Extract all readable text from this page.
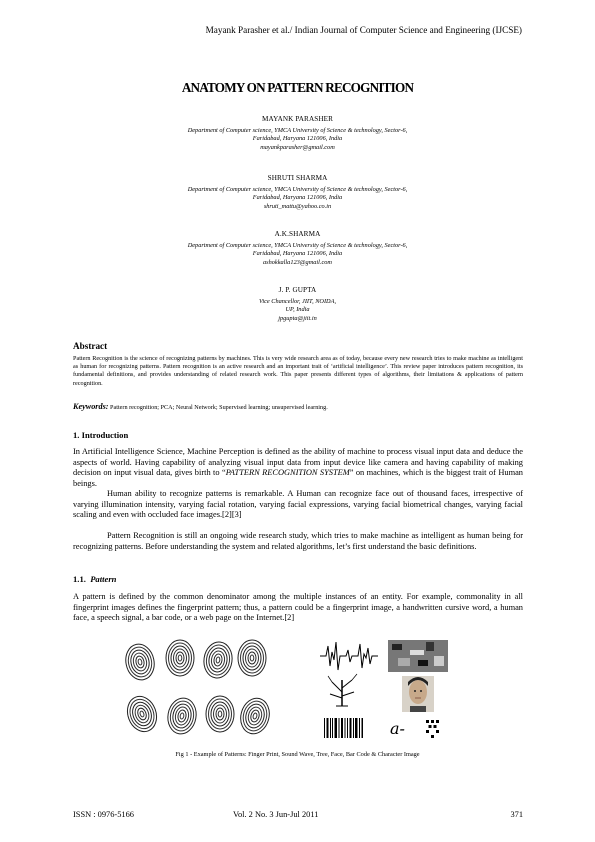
Mayank Parasher et al./ Indian Journal of Computer Science and Engineering (IJCSE)
ANATOMY ON PATTERN RECOGNITION
MAYANK PARASHER
Department of Computer science, YMCA University of Science & technology, Sector-6,
Faridabad, Haryana 121006, India
mayankparasher@gmail.com
SHRUTI SHARMA
Department of Computer science, YMCA University of Science & technology, Sector-6,
Faridabad, Haryana 121006, India
shruti_mattu@yahoo.co.in
A.K.SHARMA
Department of Computer science, YMCA University of Science & technology, Sector-6,
Faridabad, Haryana 121006, India
ashokkalla123@gmail.com
J. P. GUPTA
Vice Chancellor, JIIT, NOIDA,
UP, India
jpgupta@jiit.in
Abstract
Pattern Recognition is the science of recognizing patterns by machines. This is very wide research area as of today, because every new research tries to make machine as intelligent as human for recognizing patterns. Pattern recognition is an active research and an important trait of ‘artificial intelligence’. This review paper introduces pattern recognition, its fundamental definitions, and provides understanding of related research work. This paper presents different types of algorithms, their limitations & applications of pattern recognition.
Keywords: Pattern recognition; PCA; Neural Network; Supervised learning; unsupervised learning.
1. Introduction
In Artificial Intelligence Science, Machine Perception is defined as the ability of machine to process visual input data and deduce the aspects of world. Having capability of analyzing visual input data from input device like camera and having capability of making decision on input visual data, gives birth to “PATTERN RECOGNITION SYSTEM” on machines, which is the biggest trait of Human beings.
Human ability to recognize patterns is remarkable. A Human can recognize face out of thousand faces, irrespective of varying illumination intensity, varying facial rotation, varying facial expressions, varying facial biometrical changes, varying facial scaling and even with occluded face images.[2][3]
Pattern Recognition is still an ongoing wide research study, which tries to make machine as intelligent as human being for recognizing patterns. Before understanding the system and related algorithms, let’s first understand the basic definitions.
1.1. Pattern
A pattern is defined by the common denominator among the multiple instances of an entity. For example, commonality in all fingerprint images defines the fingerprint pattern; thus, a pattern could be a fingerprint image, a handwritten cursive word, a human face, a speech signal, a bar code, or a web page on the Internet.[2]
a-
Fig 1 - Example of Patterns: Finger Print, Sound Wave, Tree, Face, Bar Code & Character Image
ISSN : 0976-5166	Vol. 2 No. 3 Jun-Jul 2011	371
